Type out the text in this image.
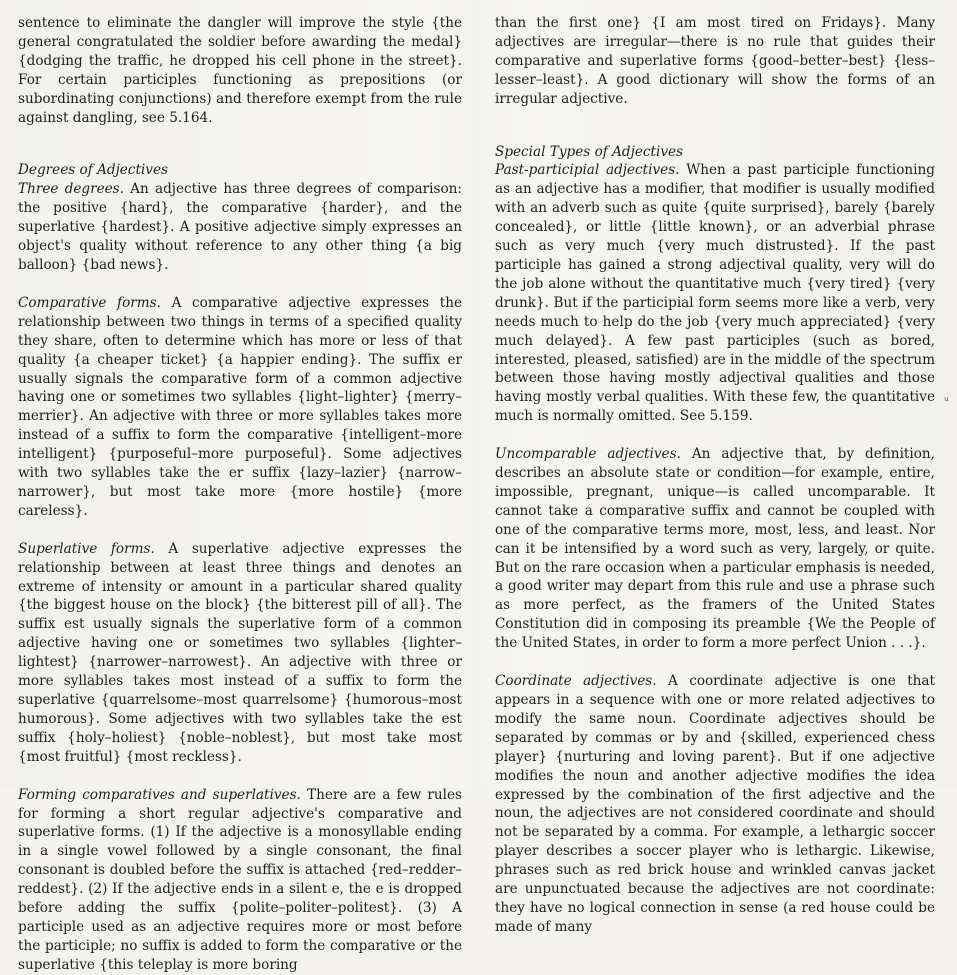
sentence to eliminate the dangler will improve the style {the general congratulated the soldier before awarding the medal} {dodging the traffic, he dropped his cell phone in the street}. For certain participles functioning as prepositions (or subordinating conjunctions) and therefore exempt from the rule against dangling, see 5.164.

Degrees of Adjectives

Three degrees. An adjective has three degrees of comparison: the positive {hard}, the comparative {harder}, and the superlative {hardest}. A positive adjective simply expresses an object's quality without reference to any other thing {a big balloon} {bad news}.

Comparative forms. A comparative adjective expresses the relationship between two things in terms of a specified quality they share, often to determine which has more or less of that quality {a cheaper ticket} {a happier ending}. The suffix er usually signals the comparative form of a common adjective having one or sometimes two syllables {light–lighter} {merry–merrier}. An adjective with three or more syllables takes more instead of a suffix to form the comparative {intelligent–more intelligent} {purposeful–more purposeful}. Some adjectives with two syllables take the er suffix {lazy–lazier} {narrow–narrower}, but most take more {more hostile} {more careless}.

Superlative forms. A superlative adjective expresses the relationship between at least three things and denotes an extreme of intensity or amount in a particular shared quality {the biggest house on the block} {the bitterest pill of all}. The suffix est usually signals the superlative form of a common adjective having one or sometimes two syllables {lighter–lightest} {narrower–narrowest}. An adjective with three or more syllables takes most instead of a suffix to form the superlative {quarrelsome–most quarrelsome} {humorous–most humorous}. Some adjectives with two syllables take the est suffix {holy–holiest} {noble–noblest}, but most take most {most fruitful} {most reckless}.

Forming comparatives and superlatives. There are a few rules for forming a short regular adjective's comparative and superlative forms. (1) If the adjective is a monosyllable ending in a single vowel followed by a single consonant, the final consonant is doubled before the suffix is attached {red–redder–reddest}. (2) If the adjective ends in a silent e, the e is dropped before adding the suffix {polite–politer–politest}. (3) A participle used as an adjective requires more or most before the participle; no suffix is added to form the comparative or the superlative {this teleplay is more boring

than the first one} {I am most tired on Fridays}. Many adjectives are irregular—there is no rule that guides their comparative and superlative forms {good–better–best} {less–lesser–least}. A good dictionary will show the forms of an irregular adjective.

Special Types of Adjectives

Past-participial adjectives. When a past participle functioning as an adjective has a modifier, that modifier is usually modified with an adverb such as quite {quite surprised}, barely {barely concealed}, or little {little known}, or an adverbial phrase such as very much {very much distrusted}. If the past participle has gained a strong adjectival quality, very will do the job alone without the quantitative much {very tired} {very drunk}. But if the participial form seems more like a verb, very needs much to help do the job {very much appreciated} {very much delayed}. A few past participles (such as bored, interested, pleased, satisfied) are in the middle of the spectrum between those having mostly adjectival qualities and those having mostly verbal qualities. With these few, the quantitative much is normally omitted. See 5.159.

Uncomparable adjectives. An adjective that, by definition, describes an absolute state or condition—for example, entire, impossible, pregnant, unique—is called uncomparable. It cannot take a comparative suffix and cannot be coupled with one of the comparative terms more, most, less, and least. Nor can it be intensified by a word such as very, largely, or quite. But on the rare occasion when a particular emphasis is needed, a good writer may depart from this rule and use a phrase such as more perfect, as the framers of the United States Constitution did in composing its preamble {We the People of the United States, in order to form a more perfect Union . . .}.

Coordinate adjectives. A coordinate adjective is one that appears in a sequence with one or more related adjectives to modify the same noun. Coordinate adjectives should be separated by commas or by and {skilled, experienced chess player} {nurturing and loving parent}. But if one adjective modifies the noun and another adjective modifies the idea expressed by the combination of the first adjective and the noun, the adjectives are not considered coordinate and should not be separated by a comma. For example, a lethargic soccer player describes a soccer player who is lethargic. Likewise, phrases such as red brick house and wrinkled canvas jacket are unpunctuated because the adjectives are not coordinate: they have no logical connection in sense (a red house could be made of many

ᵘ
